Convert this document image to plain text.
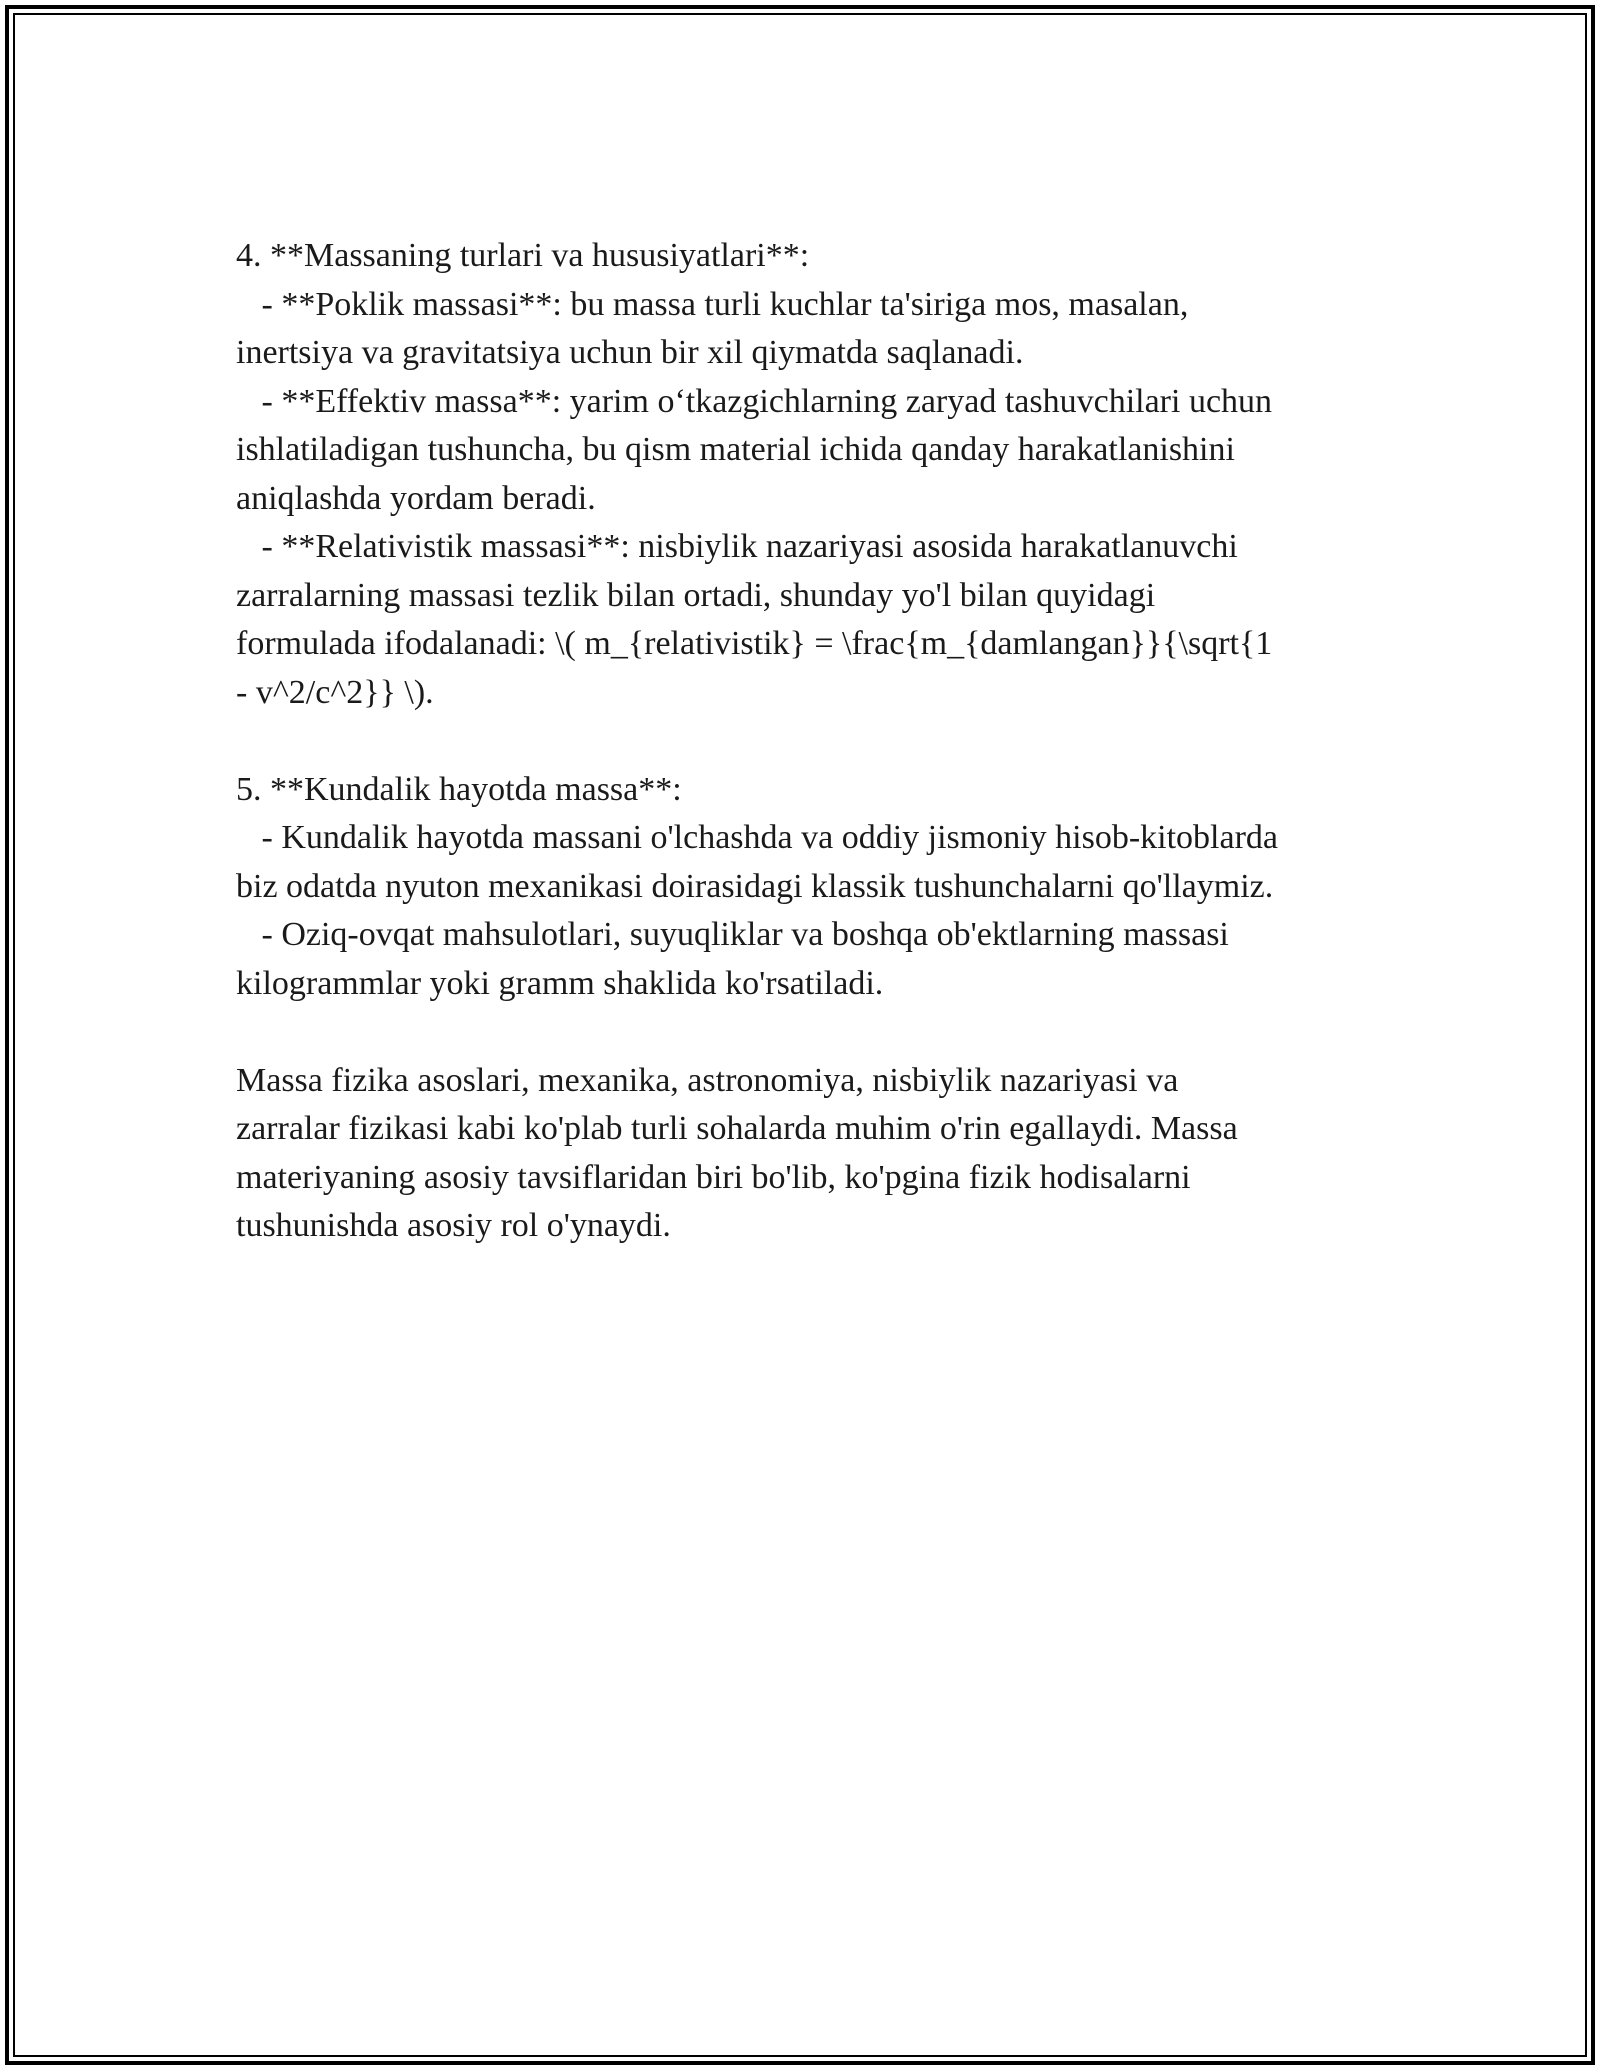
4. **Massaning turlari va hususiyatlari**:
- **Poklik massasi**: bu massa turli kuchlar ta'siriga mos, masalan,
inertsiya va gravitatsiya uchun bir xil qiymatda saqlanadi.
- **Effektiv massa**: yarim o‘tkazgichlarning zaryad tashuvchilari uchun
ishlatiladigan tushuncha, bu qism material ichida qanday harakatlanishini
aniqlashda yordam beradi.
- **Relativistik massasi**: nisbiylik nazariyasi asosida harakatlanuvchi
zarralarning massasi tezlik bilan ortadi, shunday yo'l bilan quyidagi
formulada ifodalanadi: \( m_{relativistik} = \frac{m_{damlangan}}{\sqrt{1
- v^2/c^2}} \).
5. **Kundalik hayotda massa**:
- Kundalik hayotda massani o'lchashda va oddiy jismoniy hisob-kitoblarda
biz odatda nyuton mexanikasi doirasidagi klassik tushunchalarni qo'llaymiz.
- Oziq-ovqat mahsulotlari, suyuqliklar va boshqa ob'ektlarning massasi
kilogrammlar yoki gramm shaklida ko'rsatiladi.
Massa fizika asoslari, mexanika, astronomiya, nisbiylik nazariyasi va
zarralar fizikasi kabi ko'plab turli sohalarda muhim o'rin egallaydi. Massa
materiyaning asosiy tavsiflaridan biri bo'lib, ko'pgina fizik hodisalarni
tushunishda asosiy rol o'ynaydi.
